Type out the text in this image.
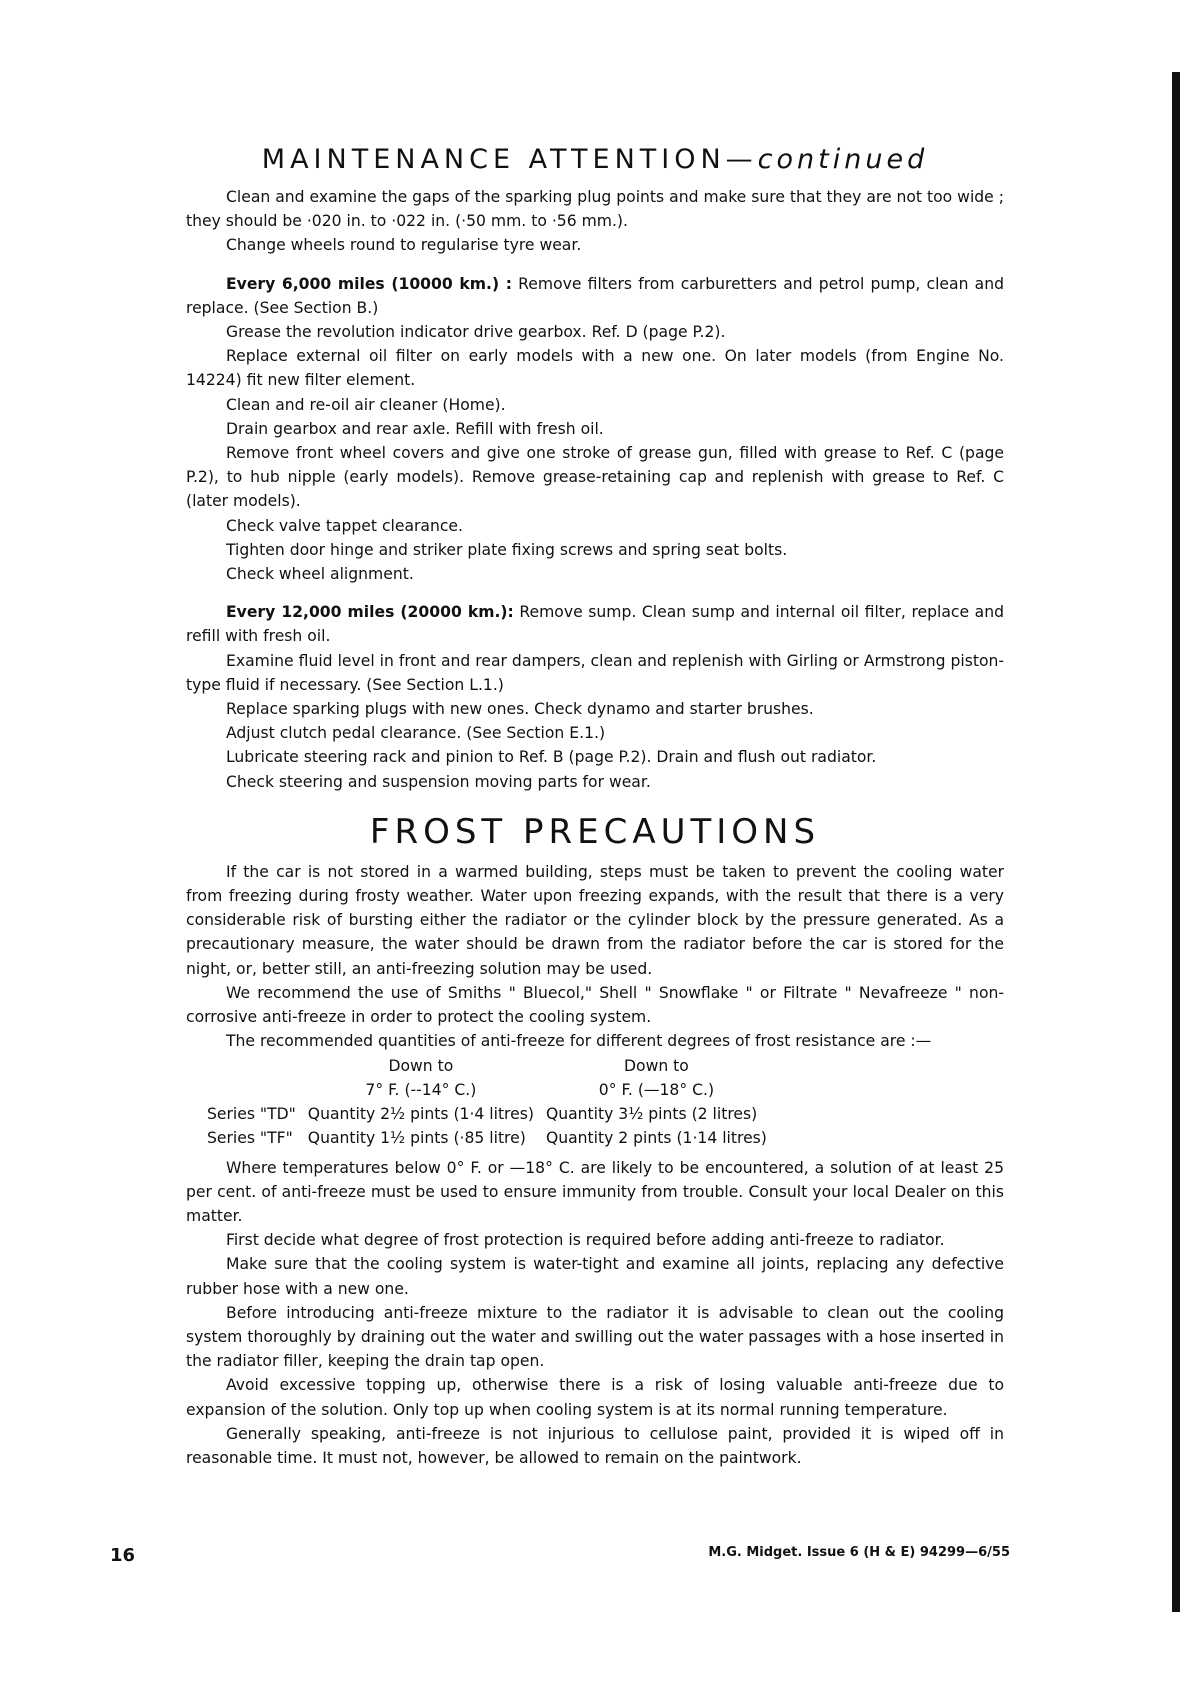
MAINTENANCE ATTENTION—continued

Clean and examine the gaps of the sparking plug points and make sure that they are not too wide ; they should be ·020 in. to ·022 in. (·50 mm. to ·56 mm.).

Change wheels round to regularise tyre wear.

Every 6,000 miles (10000 km.) : Remove filters from carburetters and petrol pump, clean and replace. (See Section B.)

Grease the revolution indicator drive gearbox. Ref. D (page P.2).

Replace external oil filter on early models with a new one. On later models (from Engine No. 14224) fit new filter element.

Clean and re-oil air cleaner (Home).

Drain gearbox and rear axle. Refill with fresh oil.

Remove front wheel covers and give one stroke of grease gun, filled with grease to Ref. C (page P.2), to hub nipple (early models). Remove grease-retaining cap and replenish with grease to Ref. C (later models).

Check valve tappet clearance.

Tighten door hinge and striker plate fixing screws and spring seat bolts.

Check wheel alignment.

Every 12,000 miles (20000 km.): Remove sump. Clean sump and internal oil filter, replace and refill with fresh oil.

Examine fluid level in front and rear dampers, clean and replenish with Girling or Armstrong piston-type fluid if necessary. (See Section L.1.)

Replace sparking plugs with new ones. Check dynamo and starter brushes.

Adjust clutch pedal clearance. (See Section E.1.)

Lubricate steering rack and pinion to Ref. B (page P.2). Drain and flush out radiator.

Check steering and suspension moving parts for wear.

FROST PRECAUTIONS

If the car is not stored in a warmed building, steps must be taken to prevent the cooling water from freezing during frosty weather. Water upon freezing expands, with the result that there is a very considerable risk of bursting either the radiator or the cylinder block by the pressure generated. As a precautionary measure, the water should be drawn from the radiator before the car is stored for the night, or, better still, an anti-freezing solution may be used.

We recommend the use of Smiths " Bluecol," Shell " Snowflake " or Filtrate " Nevafreeze " non-corrosive anti-freeze in order to protect the cooling system.

The recommended quantities of anti-freeze for different degrees of frost resistance are :—

	Down to	Down to
	7° F. (--14° C.)	0° F. (—18° C.)
Series "TD"	Quantity 2½ pints (1·4 litres)	Quantity 3½ pints (2 litres)
Series "TF"	Quantity 1½ pints (·85 litre)	Quantity 2 pints (1·14 litres)

Where temperatures below 0° F. or —18° C. are likely to be encountered, a solution of at least 25 per cent. of anti-freeze must be used to ensure immunity from trouble. Consult your local Dealer on this matter.

First decide what degree of frost protection is required before adding anti-freeze to radiator.

Make sure that the cooling system is water-tight and examine all joints, replacing any defective rubber hose with a new one.

Before introducing anti-freeze mixture to the radiator it is advisable to clean out the cooling system thoroughly by draining out the water and swilling out the water passages with a hose inserted in the radiator filler, keeping the drain tap open.

Avoid excessive topping up, otherwise there is a risk of losing valuable anti-freeze due to expansion of the solution. Only top up when cooling system is at its normal running temperature.

Generally speaking, anti-freeze is not injurious to cellulose paint, provided it is wiped off in reasonable time. It must not, however, be allowed to remain on the paintwork.

16	M.G. Midget. Issue 6 (H & E) 94299—6/55
